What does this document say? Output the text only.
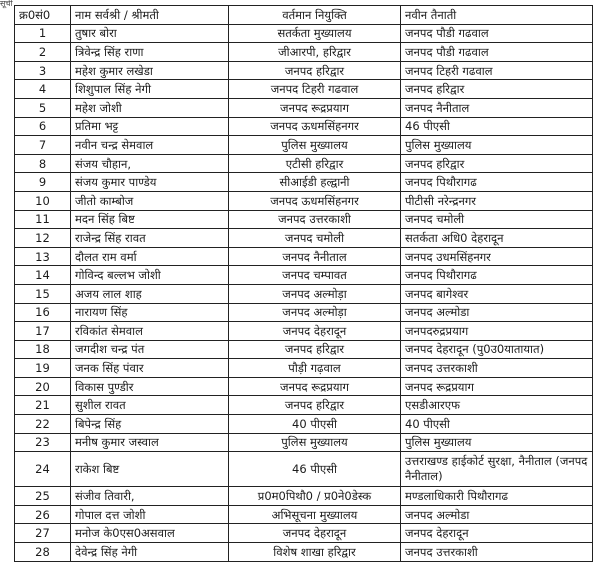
सूची
क्र0सं0	नाम सर्वश्री / श्रीमती	वर्तमान नियुक्ति	नवीन तैनाती
1	तुषार बोरा	सतर्कता मुख्यालय	जनपद पौडी गढवाल
2	त्रिवेन्द्र सिंह राणा	जीआरपी, हरिद्वार	जनपद पौडी गढवाल
3	महेश कुमार लखेडा	जनपद हरिद्वार	जनपद टिहरी गढवाल
4	शिशुपाल सिंह नेगी	जनपद टिहरी गढवाल	जनपद हरिद्वार
5	महेश जोशी	जनपद रूद्रप्रयाग	जनपद नैनीताल
6	प्रतिमा भट्ट	जनपद ऊधमसिंहनगर	46 पीएसी
7	नवीन चन्द्र सेमवाल	पुलिस मुख्यालय	पुलिस मुख्यालय
8	संजय चौहान,	एटीसी हरिद्वार	जनपद हरिद्वार
9	संजय कुमार पाण्डेय	सीआईडी हल्द्वानी	जनपद पिथौरागढ
10	जीतो काम्बोज	जनपद ऊधमसिंहनगर	पीटीसी नरेन्द्रनगर
11	मदन सिंह बिष्ट	जनपद उत्तरकाशी	जनपद चमोली
12	राजेन्द्र सिंह रावत	जनपद चमोली	सतर्कता अधि0 देहरादून
13	दौलत राम वर्मा	जनपद नैनीताल	जनपद उधमसिंहनगर
14	गोविन्द बल्लभ जोशी	जनपद चम्पावत	जनपद पिथौरागढ
15	अजय लाल शाह	जनपद अल्मोड़ा	जनपद बागेश्वर
16	नारायण सिंह	जनपद अल्मोड़ा	जनपद अल्मोडा
17	रविकांत सेमवाल	जनपद देहरादून	जनपदरुद्रप्रयाग
18	जगदीश चन्द्र पंत	जनपद हरिद्वार	जनपद देहरादून (पु0उ0यातायात)
19	जनक सिंह पंवार	पौड़ी गढ़वाल	जनपद उत्तरकाशी
20	विकास पुण्डीर	जनपद रूद्रप्रयाग	जनपद रूद्रप्रयाग
21	सुशील रावत	जनपद हरिद्वार	एसडीआरएफ
22	बिपेन्द्र सिंह	40 पीएसी	40 पीएसी
23	मनीष कुमार जस्वाल	पुलिस मुख्यालय	पुलिस मुख्यालय
24	राकेश बिष्ट	46 पीएसी	उत्तराखण्ड हाईकोर्ट सुरक्षा, नैनीताल (जनपद नैनीताल)
25	संजीव तिवारी,	प्र0म0पिथौ0 / प्र0ने0डेस्क	मण्डलाधिकारी पिथौरागढ
26	गोपाल दत्त जोशी	अभिसूचना मुख्यालय	जनपद अल्मोडा
27	मनोज के0एस0असवाल	जनपद देहरादून	जनपद देहरादून
28	देवेन्द्र सिंह नेगी	विशेष शाखा हरिद्वार	जनपद उत्तरकाशी
